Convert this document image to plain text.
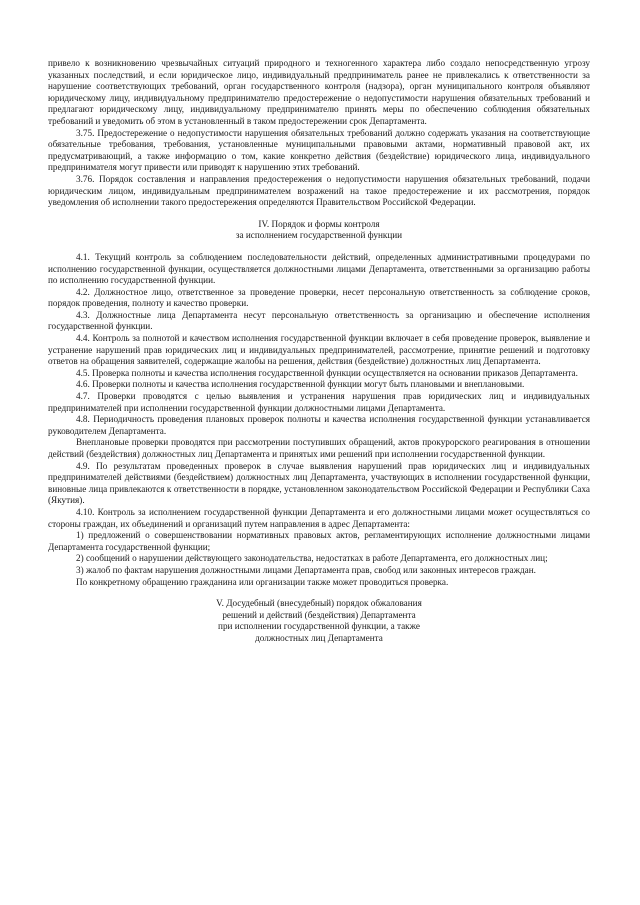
привело к возникновению чрезвычайных ситуаций природного и техногенного характера либо создало непосредственную угрозу указанных последствий, и если юридическое лицо, индивидуальный предприниматель ранее не привлекались к ответственности за нарушение соответствующих требований, орган государственного контроля (надзора), орган муниципального контроля объявляют юридическому лицу, индивидуальному предпринимателю предостережение о недопустимости нарушения обязательных требований и предлагают юридическому лицу, индивидуальному предпринимателю принять меры по обеспечению соблюдения обязательных требований и уведомить об этом в установленный в таком предостережении срок Департамента.

3.75. Предостережение о недопустимости нарушения обязательных требований должно содержать указания на соответствующие обязательные требования, требования, установленные муниципальными правовыми актами, нормативный правовой акт, их предусматривающий, а также информацию о том, какие конкретно действия (бездействие) юридического лица, индивидуального предпринимателя могут привести или приводят к нарушению этих требований.

3.76. Порядок составления и направления предостережения о недопустимости нарушения обязательных требований, подачи юридическим лицом, индивидуальным предпринимателем возражений на такое предостережение и их рассмотрения, порядок уведомления об исполнении такого предостережения определяются Правительством Российской Федерации.

IV. Порядок и формы контроля
за исполнением государственной функции

4.1. Текущий контроль за соблюдением последовательности действий, определенных административными процедурами по исполнению государственной функции, осуществляется должностными лицами Департамента, ответственными за организацию работы по исполнению государственной функции.

4.2. Должностное лицо, ответственное за проведение проверки, несет персональную ответственность за соблюдение сроков, порядок проведения, полноту и качество проверки.

4.3. Должностные лица Департамента несут персональную ответственность за организацию и обеспечение исполнения государственной функции.

4.4. Контроль за полнотой и качеством исполнения государственной функции включает в себя проведение проверок, выявление и устранение нарушений прав юридических лиц и индивидуальных предпринимателей, рассмотрение, принятие решений и подготовку ответов на обращения заявителей, содержащие жалобы на решения, действия (бездействие) должностных лиц Департамента.

4.5. Проверка полноты и качества исполнения государственной функции осуществляется на основании приказов Департамента.

4.6. Проверки полноты и качества исполнения государственной функции могут быть плановыми и внеплановыми.

4.7. Проверки проводятся с целью выявления и устранения нарушения прав юридических лиц и индивидуальных предпринимателей при исполнении государственной функции должностными лицами Департамента.

4.8. Периодичность проведения плановых проверок полноты и качества исполнения государственной функции устанавливается руководителем Департамента.

Внеплановые проверки проводятся при рассмотрении поступивших обращений, актов прокурорского реагирования в отношении действий (бездействия) должностных лиц Департамента и принятых ими решений при исполнении государственной функции.

4.9. По результатам проведенных проверок в случае выявления нарушений прав юридических лиц и индивидуальных предпринимателей действиями (бездействием) должностных лиц Департамента, участвующих в исполнении государственной функции, виновные лица привлекаются к ответственности в порядке, установленном законодательством Российской Федерации и Республики Саха (Якутия).

4.10. Контроль за исполнением государственной функции Департамента и его должностными лицами может осуществляться со стороны граждан, их объединений и организаций путем направления в адрес Департамента:

1) предложений о совершенствовании нормативных правовых актов, регламентирующих исполнение должностными лицами Департамента государственной функции;

2) сообщений о нарушении действующего законодательства, недостатках в работе Департамента, его должностных лиц;

3) жалоб по фактам нарушения должностными лицами Департамента прав, свобод или законных интересов граждан.

По конкретному обращению гражданина или организации также может проводиться проверка.

V. Досудебный (внесудебный) порядок обжалования
решений и действий (бездействия) Департамента
при исполнении государственной функции, а также
должностных лиц Департамента
